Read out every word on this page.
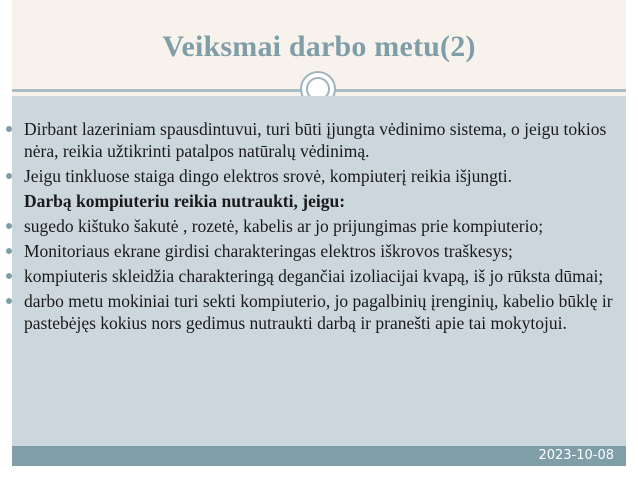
Veiksmai darbo metu(2)
Dirbant lazeriniam spausdintuvui, turi būti įjungta vėdinimo sistema, o jeigu tokios nėra, reikia užtikrinti patalpos natūralų vėdinimą.
Jeigu tinkluose staiga dingo elektros srovė, kompiuterį reikia išjungti.
Darbą kompiuteriu reikia nutraukti, jeigu:
sugedo kištuko šakutė , rozetė, kabelis ar jo prijungimas prie kompiuterio;
Monitoriaus ekrane girdisi charakteringas elektros iškrovos traškesys;
kompiuteris skleidžia charakteringą degančiai izoliacijai kvapą, iš jo rūksta dūmai;
darbo metu mokiniai turi sekti kompiuterio, jo pagalbinių įrenginių, kabelio būklę ir pastebėjęs kokius nors gedimus nutraukti darbą ir pranešti apie tai mokytojui.
2023-10-08
